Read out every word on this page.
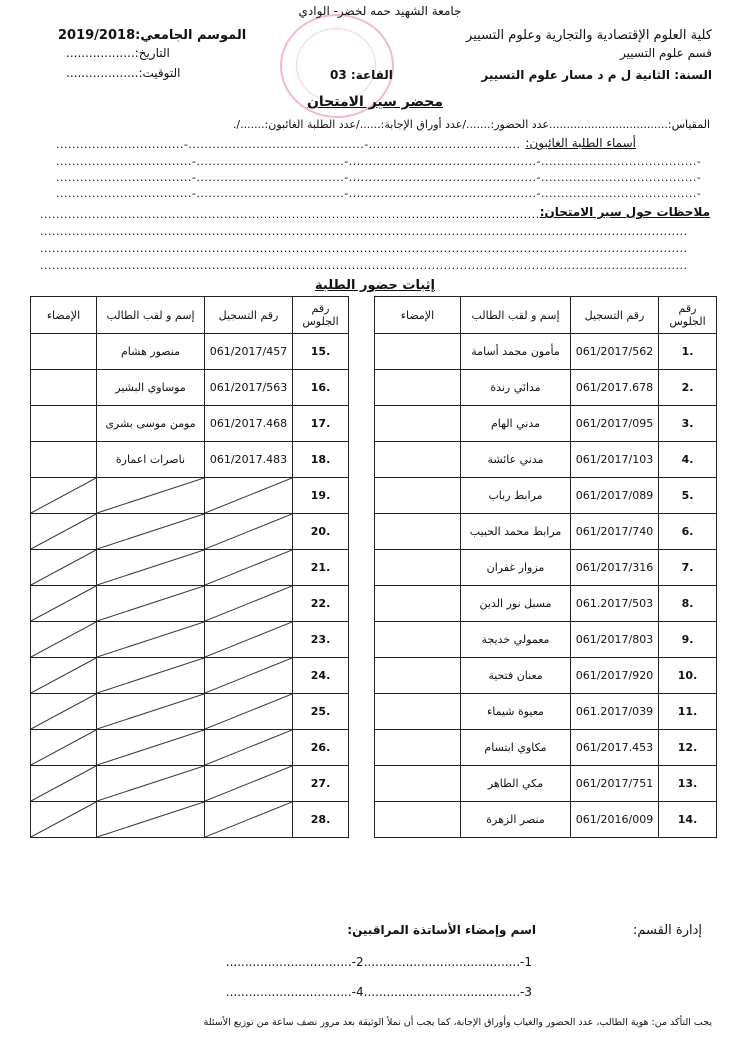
جامعة الشهيد حمه لخضر- الوادي
كلية العلوم الإقتصادية والتجارية وعلوم التسيير
قسم علوم التسيير
السنة: الثانية ل م د مسار علوم التسيير
القاعة: 03
الموسم الجامعي:2019/2018
التاريخ:..................
التوقيت:...................
محضر سير الامتحان
المقياس:..................................عدد الحضور:......./عدد أوراق الإجابة:....../عدد الطلبة الغائبون:......./.
أسماء الطلبة الغائبون:
................................-............................................-......................................
..................................-.....................................-...............................................-.......................................-
..................................-.....................................-...............................................-.......................................-
..................................-.....................................-...............................................-.......................................-
ملاحظات حول سير الامتحان:
...............................................................................................................................
..................................................................................................................................................................
..................................................................................................................................................................
..................................................................................................................................................................
إثبات حضور الطلبة
رقم الجلوس	رقم التسجيل	إسم و لقب الطالب	الإمضاء
.1	061/2017/562	مأمون محمد أسامة	
.2	061/2017.678	مدائي رندة	
.3	061/2017/095	مدني الهام	
.4	061/2017/103	مدني عائشة	
.5	061/2017/089	مرابط رباب	
.6	061/2017/740	مرابط محمد الحبيب	
.7	061/2017/316	مزوار غفران	
.8	061.2017/503	مسبل نور الدين	
.9	061/2017/803	معمولي خديجة	
.10	061/2017/920	معنان فتحية	
.11	061.2017/039	معيوة شيماء	
.12	061/2017.453	مكاوي ابتسام	
.13	061/2017/751	مكي الطاهر	
.14	061/2016/009	منصر الزهرة	
رقم الجلوس	رقم التسجيل	إسم و لقب الطالب	الإمضاء
.15	061/2017/457	منصور هشام	
.16	061/2017/563	موساوي البشير	
.17	061/2017.468	مومن موسى بشرى	
.18	061/2017.483	ناصرات اعمارة	
.19	

.20	

.21	

.22	

.23	

.24	

.25	

.26	

.27	

.28	

إدارة القسم:
اسم وإمضاء الأساتذة المراقبين:
1-.........................................2-.................................
3-.........................................4-.................................
يجب التأكد من: هوية الطالب، عدد الحضور والغياب وأوراق الإجابة، كما يجب أن تملأ الوثيقة بعد مرور نصف ساعة من توزيع الأسئلة
